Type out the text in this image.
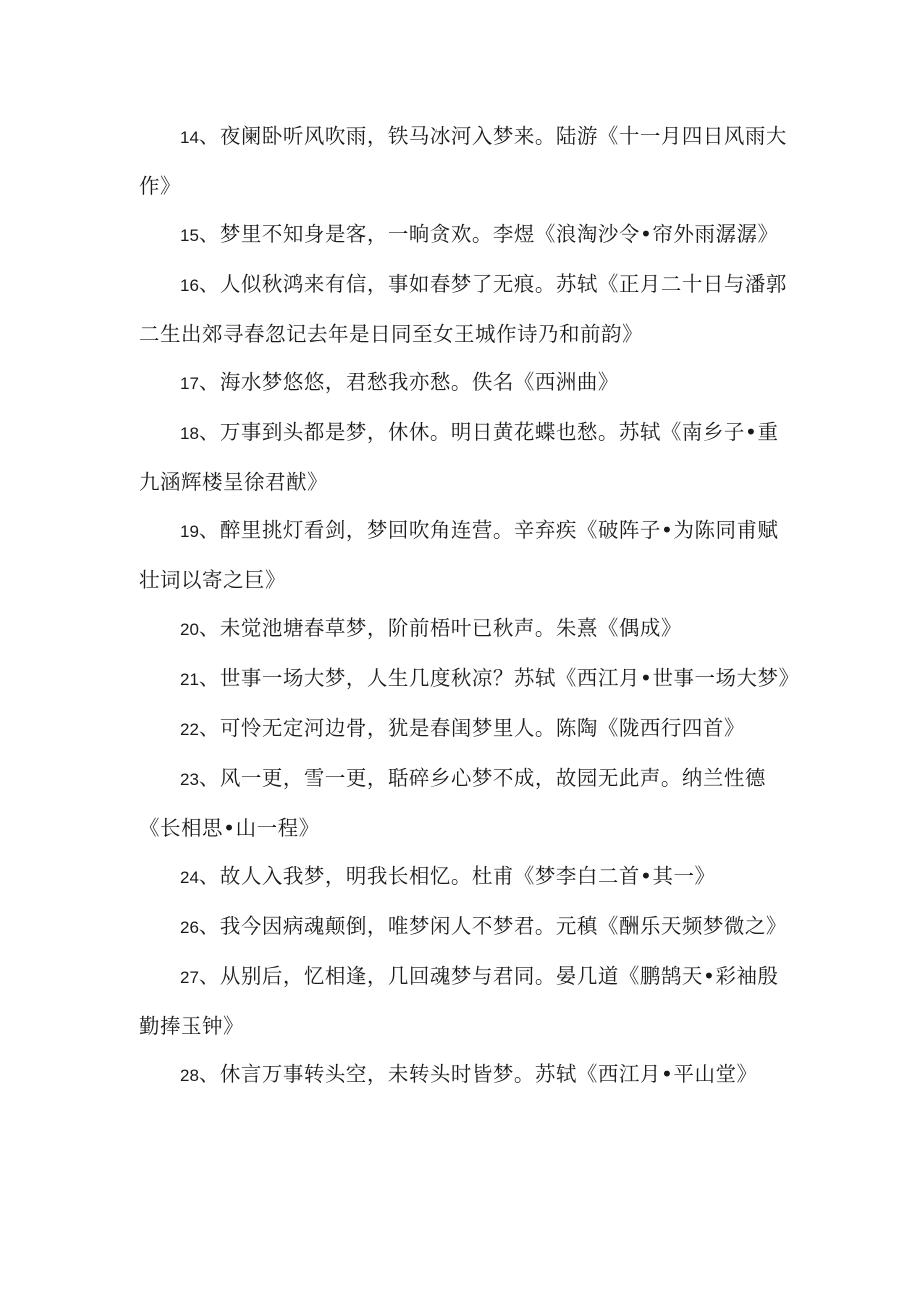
14、夜阑卧听风吹雨，铁马冰河入梦来。陆游《十一月四日风雨大作》

15、梦里不知身是客，一晌贪欢。李煜《浪淘沙令•帘外雨潺潺》

16、人似秋鸿来有信，事如春梦了无痕。苏轼《正月二十日与潘郭二生出郊寻春忽记去年是日同至女王城作诗乃和前韵》

17、海水梦悠悠，君愁我亦愁。佚名《西洲曲》

18、万事到头都是梦，休休。明日黄花蝶也愁。苏轼《南乡子•重九涵辉楼呈徐君猷》

19、醉里挑灯看剑，梦回吹角连营。辛弃疾《破阵子•为陈同甫赋壮词以寄之巨》

20、未觉池塘春草梦，阶前梧叶已秋声。朱熹《偶成》

21、世事一场大梦，人生几度秋凉？苏轼《西江月•世事一场大梦》

22、可怜无定河边骨，犹是春闺梦里人。陈陶《陇西行四首》

23、风一更，雪一更，聒碎乡心梦不成，故园无此声。纳兰性德《长相思•山一程》

24、故人入我梦，明我长相忆。杜甫《梦李白二首•其一》

26、我今因病魂颠倒，唯梦闲人不梦君。元稹《酬乐天频梦微之》

27、从别后，忆相逢，几回魂梦与君同。晏几道《鹏鹄天•彩袖殷勤捧玉钟》

28、休言万事转头空，未转头时皆梦。苏轼《西江月•平山堂》
